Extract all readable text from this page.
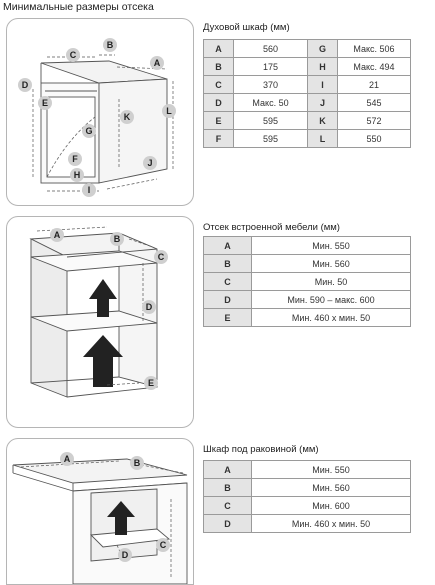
Минимальные размеры отсека
C
B
A
D
E
K
L
G
F	J
H
I
Духовой шкаф (мм)
A	560	G	Макс. 506
B	175	H	Макс. 494
C	370	I	21
D	Макс. 50	J	545
E	595	K	572
F	595	L	550
A	B
C
D
E
Отсек встроенной мебели (мм)
A	Мин. 550
B	Мин. 560
C	Мин. 50
D	Мин. 590 – макс. 600
E	Мин. 460 x мин. 50
A	B
C
D
Шкаф под раковиной (мм)
A	Мин. 550
B	Мин. 560
C	Мин. 600
D	Мин. 460 x мин. 50
